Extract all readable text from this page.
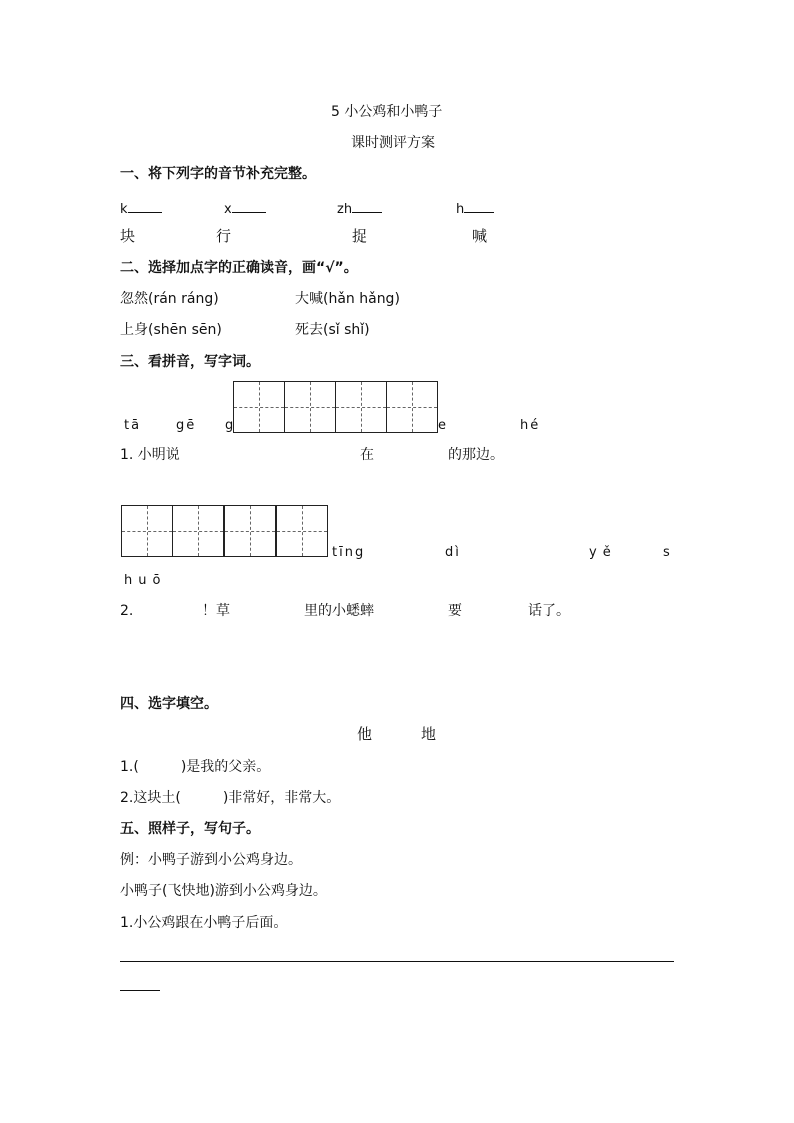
5 小公鸡和小鸭子
课时测评方案
一、将下列字的音节补充完整。
k	x	zh	h
块	行	捉	喊
二、选择加点字的正确读音，画“√”。
忽然(rán ráng)	大喊(hǎn hǎng)
上身(shēn sēn)	死去(sǐ shǐ)
三、看拼音，写字词。
tā	gē g	e	hé
1. 小明说	在	的那边。
tīng	dì	yě	s
huō
2.	！草	里的小蟋蟀	要	话了。
四、选字填空。
他	地
1.(　　　)是我的父亲。
2.这块土(　　　)非常好，非常大。
五、照样子，写句子。
例：小鸭子游到小公鸡身边。
小鸭子(飞快地)游到小公鸡身边。
1.小公鸡跟在小鸭子后面。
